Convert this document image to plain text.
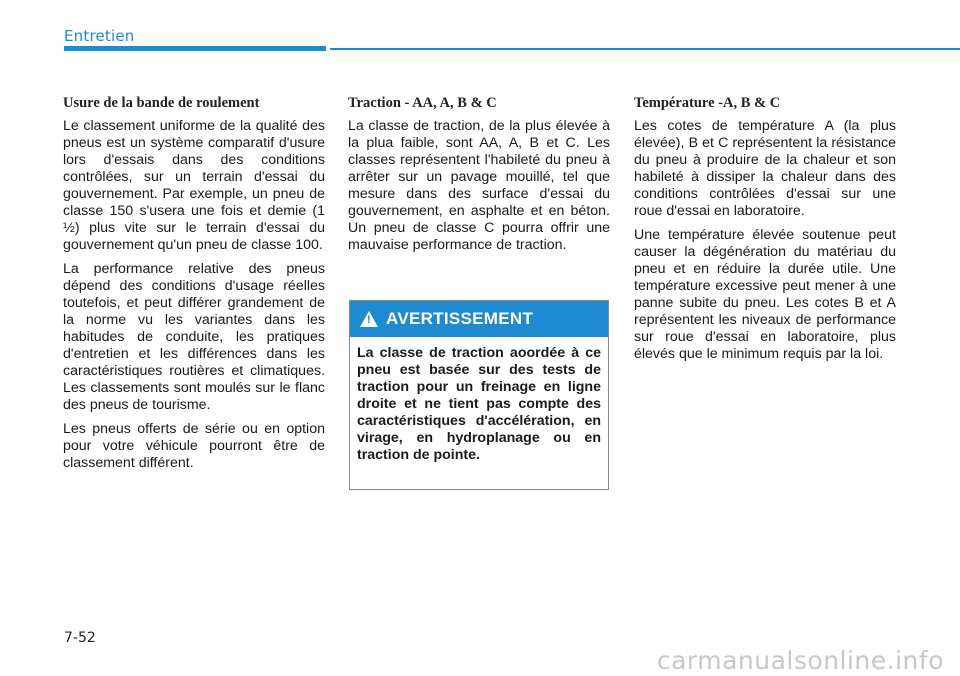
Entretien
Usure de la bande de roulement

Le classement uniforme de la qualité des pneus est un système comparatif d'usure lors d'essais dans des conditions contrôlées, sur un terrain d'essai du gouvernement. Par exemple, un pneu de classe 150 s'usera une fois et demie (1 ½) plus vite sur le terrain d'essai du gouvernement qu'un pneu de classe 100.

La performance relative des pneus dépend des conditions d'usage réelles toutefois, et peut différer grandement de la norme vu les variantes dans les habitudes de conduite, les pratiques d'entretien et les différences dans les caractéristiques routières et climatiques. Les classements sont moulés sur le flanc des pneus de tourisme.

Les pneus offerts de série ou en option pour votre véhicule pourront être de classement différent.

Traction - AA, A, B & C

La classe de traction, de la plus élevée à la plua faible, sont AA, A, B et C. Les classes représentent l'habileté du pneu à arrêter sur un pavage mouillé, tel que mesure dans des surface d'essai du gouvernement, en asphalte et en béton. Un pneu de classe C pourra offrir une mauvaise performance de traction.

! AVERTISSEMENT
La classe de traction aoordée à ce pneu est basée sur des tests de traction pour un freinage en ligne droite et ne tient pas compte des caractéristiques d'accélération, en virage, en hydroplanage ou en traction de pointe.
Température -A, B & C

Les cotes de température A (la plus élevée), B et C représentent la résistance du pneu à produire de la chaleur et son habileté à dissiper la chaleur dans des conditions contrôlées d'essai sur une roue d'essai en laboratoire.

Une température élevée soutenue peut causer la dégénération du matériau du pneu et en réduire la durée utile. Une température excessive peut mener à une panne subite du pneu. Les cotes B et A représentent les niveaux de performance sur roue d'essai en laboratoire, plus élevés que le minimum requis par la loi.

7-52
carmanualsonline.info
